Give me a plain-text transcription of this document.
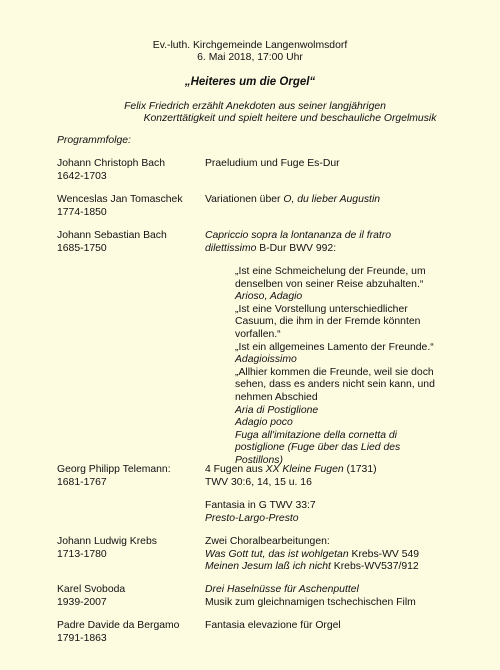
Ev.-luth. Kirchgemeinde Langenwolmsdorf
6. Mai 2018, 17:00 Uhr
„Heiteres um die Orgel“
Felix Friedrich erzählt Anekdoten aus seiner langjährigen
Konzerttätigkeit und spielt heitere und beschauliche Orgelmusik
Programmfolge:
Johann Christoph Bach
1642-1703
Praeludium und Fuge Es-Dur
Wenceslas Jan Tomaschek
1774-1850
Variationen über O, du lieber Augustin
Johann Sebastian Bach
1685-1750
Capriccio sopra la lontananza de il fratro
dilettissimo B-Dur BWV 992:
„Ist eine Schmeichelung der Freunde, um
denselben von seiner Reise abzuhalten.“
Arioso, Adagio
„Ist eine Vorstellung unterschiedlicher
Casuum, die ihm in der Fremde könnten
vorfallen.“
„Ist ein allgemeines Lamento der Freunde.“
Adagioissimo
„Allhier kommen die Freunde, weil sie doch
sehen, dass es anders nicht sein kann, und
nehmen Abschied
Aria di Postiglione
Adagio poco
Fuga all'imitazione della cornetta di
postiglione (Fuge über das Lied des
Postillons)
Georg Philipp Telemann:
1681-1767
4 Fugen aus XX Kleine Fugen (1731)
TWV 30:6, 14, 15 u. 16
Fantasia in G TWV 33:7
Presto-Largo-Presto
Johann Ludwig Krebs
1713-1780
Zwei Choralbearbeitungen:
Was Gott tut, das ist wohlgetan Krebs-WV 549
Meinen Jesum laß ich nicht Krebs-WV537/912
Karel Svoboda
1939-2007
Drei Haselnüsse für Aschenputtel
Musik zum gleichnamigen tschechischen Film
Padre Davide da Bergamo
1791-1863
Fantasia elevazione für Orgel
